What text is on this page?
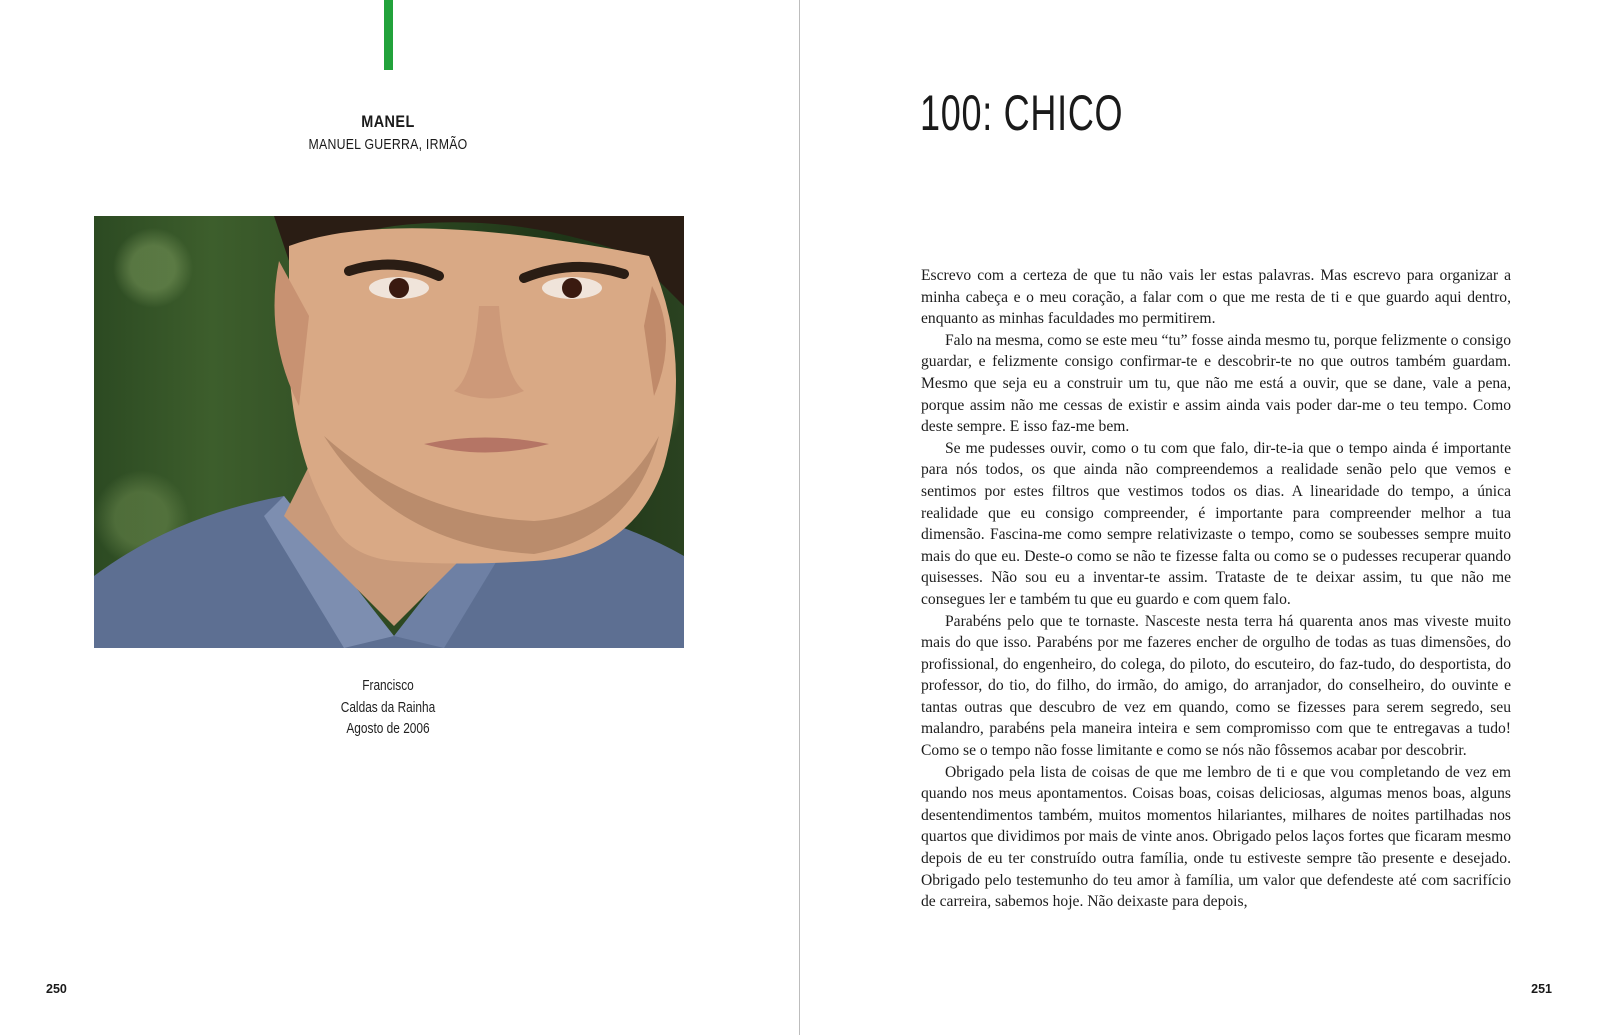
MANEL
MANUEL GUERRA, IRMÃO
Francisco
Caldas da Rainha
Agosto de 2006
250
100: CHICO

Escrevo com a certeza de que tu não vais ler estas palavras. Mas escrevo para organizar a minha cabeça e o meu coração, a falar com o que me resta de ti e que guardo aqui dentro, enquanto as minhas faculdades mo permitirem.

Falo na mesma, como se este meu “tu” fosse ainda mesmo tu, porque felizmente o consigo guardar, e felizmente consigo confirmar-te e descobrir-te no que outros também guardam. Mesmo que seja eu a construir um tu, que não me está a ouvir, que se dane, vale a pena, porque assim não me cessas de existir e assim ainda vais poder dar-me o teu tempo. Como deste sempre. E isso faz-me bem.

Se me pudesses ouvir, como o tu com que falo, dir-te-ia que o tempo ainda é importante para nós todos, os que ainda não compreendemos a realidade senão pelo que vemos e sentimos por estes filtros que vestimos todos os dias. A linearidade do tempo, a única realidade que eu consigo compreender, é importante para compreender melhor a tua dimensão. Fascina-me como sempre relativizaste o tempo, como se soubesses sempre muito mais do que eu. Deste-o como se não te fizesse falta ou como se o pudesses recuperar quando quisesses. Não sou eu a inventar-te assim. Trataste de te deixar assim, tu que não me consegues ler e também tu que eu guardo e com quem falo.

Parabéns pelo que te tornaste. Nasceste nesta terra há quarenta anos mas viveste muito mais do que isso. Parabéns por me fazeres encher de orgulho de todas as tuas dimensões, do profissional, do engenheiro, do colega, do piloto, do escuteiro, do faz-tudo, do desportista, do professor, do tio, do filho, do irmão, do amigo, do arranjador, do conselheiro, do ouvinte e tantas outras que descubro de vez em quando, como se fizesses para serem segredo, seu malandro, parabéns pela maneira inteira e sem compromisso com que te entregavas a tudo! Como se o tempo não fosse limitante e como se nós não fôssemos acabar por descobrir.

Obrigado pela lista de coisas de que me lembro de ti e que vou completando de vez em quando nos meus apontamentos. Coisas boas, coisas deliciosas, algumas menos boas, alguns desentendimentos também, muitos momentos hilariantes, milhares de noites partilhadas nos quartos que dividimos por mais de vinte anos. Obrigado pelos laços fortes que ficaram mesmo depois de eu ter construído outra família, onde tu estiveste sempre tão presente e desejado. Obrigado pelo testemunho do teu amor à família, um valor que defendeste até com sacrifício de carreira, sabemos hoje. Não deixaste para depois,

251
